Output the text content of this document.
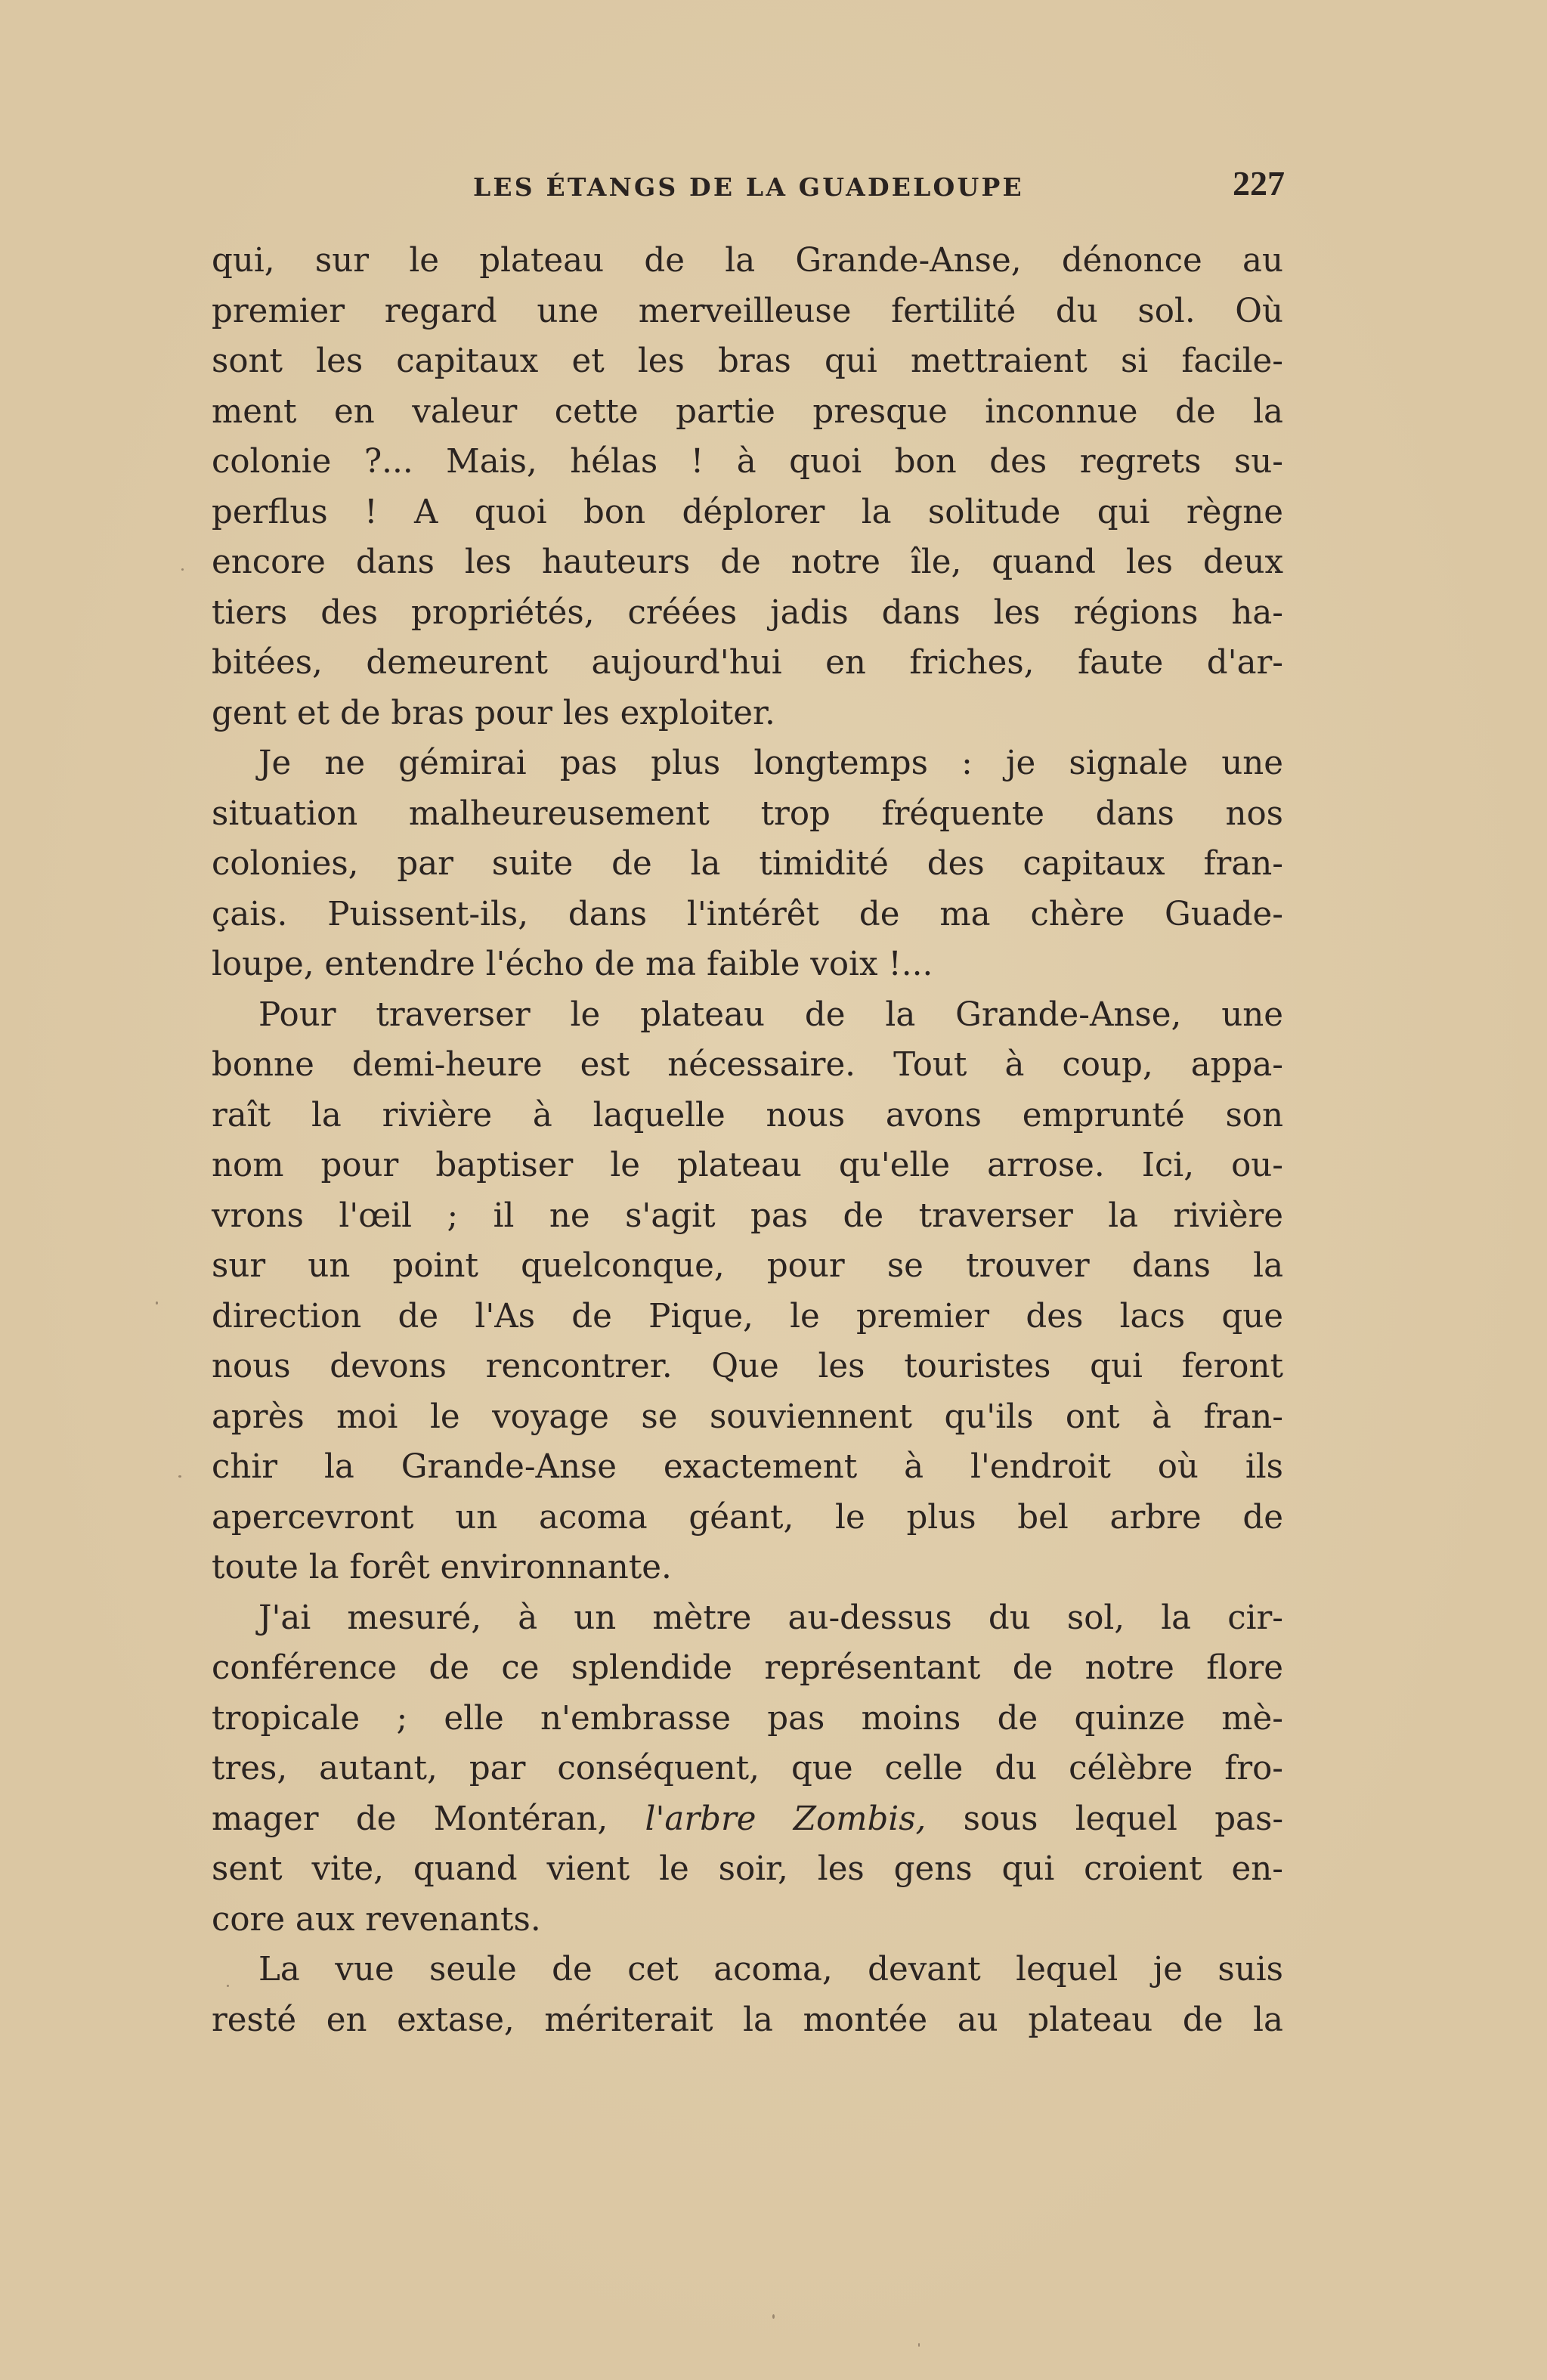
LES ÉTANGS DE LA GUADELOUPE	227
qui, sur le plateau de la Grande-Anse, dénonce au
premier regard une merveilleuse fertilité du sol. Où
sont les capitaux et les bras qui mettraient si facile-
ment en valeur cette partie presque inconnue de la
colonie ?... Mais, hélas ! à quoi bon des regrets su-
perflus ! A quoi bon déplorer la solitude qui règne
encore dans les hauteurs de notre île, quand les deux
tiers des propriétés, créées jadis dans les régions ha-
bitées, demeurent aujourd'hui en friches, faute d'ar-
gent et de bras pour les exploiter.
Je ne gémirai pas plus longtemps : je signale une
situation malheureusement trop fréquente dans nos
colonies, par suite de la timidité des capitaux fran-
çais. Puissent-ils, dans l'intérêt de ma chère Guade-
loupe, entendre l'écho de ma faible voix !...
Pour traverser le plateau de la Grande-Anse, une
bonne demi-heure est nécessaire. Tout à coup, appa-
raît la rivière à laquelle nous avons emprunté son
nom pour baptiser le plateau qu'elle arrose. Ici, ou-
vrons l'œil ; il ne s'agit pas de traverser la rivière
sur un point quelconque, pour se trouver dans la
direction de l'As de Pique, le premier des lacs que
nous devons rencontrer. Que les touristes qui feront
après moi le voyage se souviennent qu'ils ont à fran-
chir la Grande-Anse exactement à l'endroit où ils
apercevront un acoma géant, le plus bel arbre de
toute la forêt environnante.
J'ai mesuré, à un mètre au-dessus du sol, la cir-
conférence de ce splendide représentant de notre flore
tropicale ; elle n'embrasse pas moins de quinze mè-
tres, autant, par conséquent, que celle du célèbre fro-
mager de Montéran, l'arbre Zombis, sous lequel pas-
sent vite, quand vient le soir, les gens qui croient en-
core aux revenants.
La vue seule de cet acoma, devant lequel je suis
resté en extase, mériterait la montée au plateau de la
